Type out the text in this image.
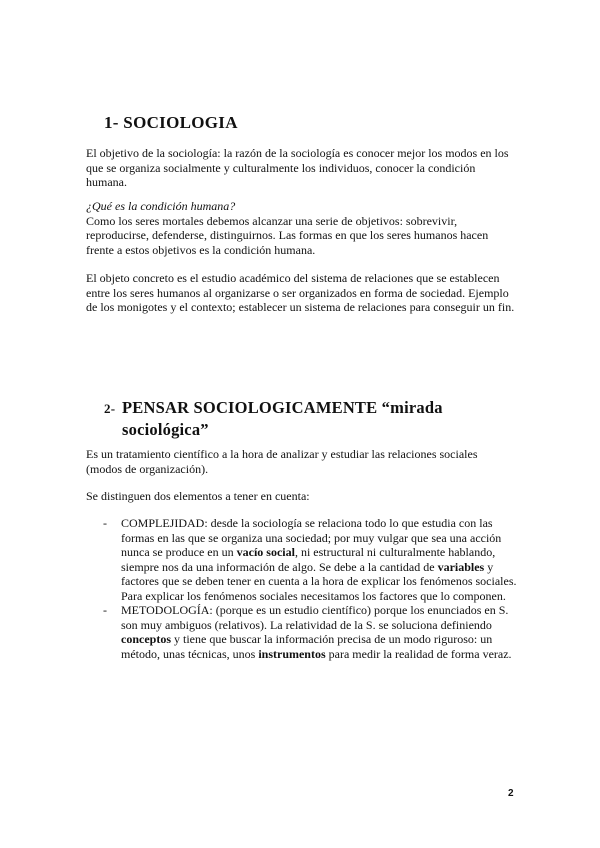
1- SOCIOLOGIA

El objetivo de la sociología: la razón de la sociología es conocer mejor los modos en los que se organiza socialmente y culturalmente los individuos, conocer la condición humana.

¿Qué es la condición humana?
Como los seres mortales debemos alcanzar una serie de objetivos: sobrevivir, reproducirse, defenderse, distinguirnos. Las formas en que los seres humanos hacen frente a estos objetivos es la condición humana.

El objeto concreto es el estudio académico del sistema de relaciones que se establecen entre los seres humanos al organizarse o ser organizados en forma de sociedad. Ejemplo de los monigotes y el contexto; establecer un sistema de relaciones para conseguir un fin.

2- PENSAR SOCIOLOGICAMENTE “mirada
sociológica”

Es un tratamiento científico a la hora de analizar y estudiar las relaciones sociales (modos de organización).

Se distinguen dos elementos a tener en cuenta:

- COMPLEJIDAD: desde la sociología se relaciona todo lo que estudia con las formas en las que se organiza una sociedad; por muy vulgar que sea una acción nunca se produce en un vacío social, ni estructural ni culturalmente hablando, siempre nos da una información de algo. Se debe a la cantidad de variables y factores que se deben tener en cuenta a la hora de explicar los fenómenos sociales.
Para explicar los fenómenos sociales necesitamos los factores que lo componen.
- METODOLOGÍA: (porque es un estudio científico) porque los enunciados en S. son muy ambiguos (relativos). La relatividad de la S. se soluciona definiendo conceptos y tiene que buscar la información precisa de un modo riguroso: un método, unas técnicas, unos instrumentos para medir la realidad de forma veraz.
2
